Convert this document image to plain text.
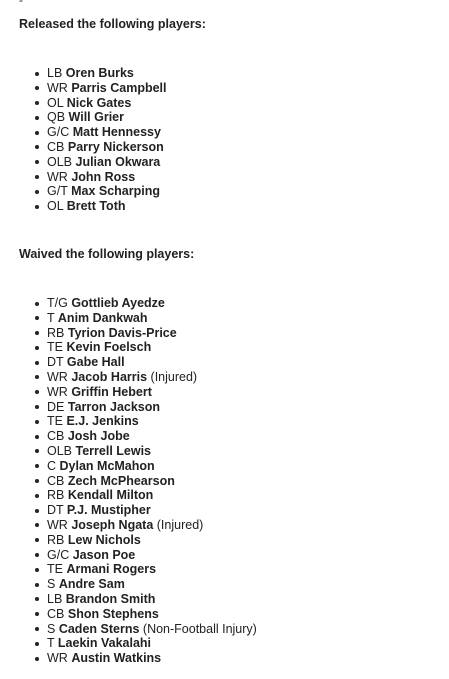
-
Released the following players:
LB Oren Burks
WR Parris Campbell
OL Nick Gates
QB Will Grier
G/C Matt Hennessy
CB Parry Nickerson
OLB Julian Okwara
WR John Ross
G/T Max Scharping
OL Brett Toth
Waived the following players:
T/G Gottlieb Ayedze
T Anim Dankwah
RB Tyrion Davis-Price
TE Kevin Foelsch
DT Gabe Hall
WR Jacob Harris (Injured)
WR Griffin Hebert
DE Tarron Jackson
TE E.J. Jenkins
CB Josh Jobe
OLB Terrell Lewis
C Dylan McMahon
CB Zech McPhearson
RB Kendall Milton
DT P.J. Mustipher
WR Joseph Ngata (Injured)
RB Lew Nichols
G/C Jason Poe
TE Armani Rogers
S Andre Sam
LB Brandon Smith
CB Shon Stephens
S Caden Sterns (Non-Football Injury)
T Laekin Vakalahi
WR Austin Watkins
